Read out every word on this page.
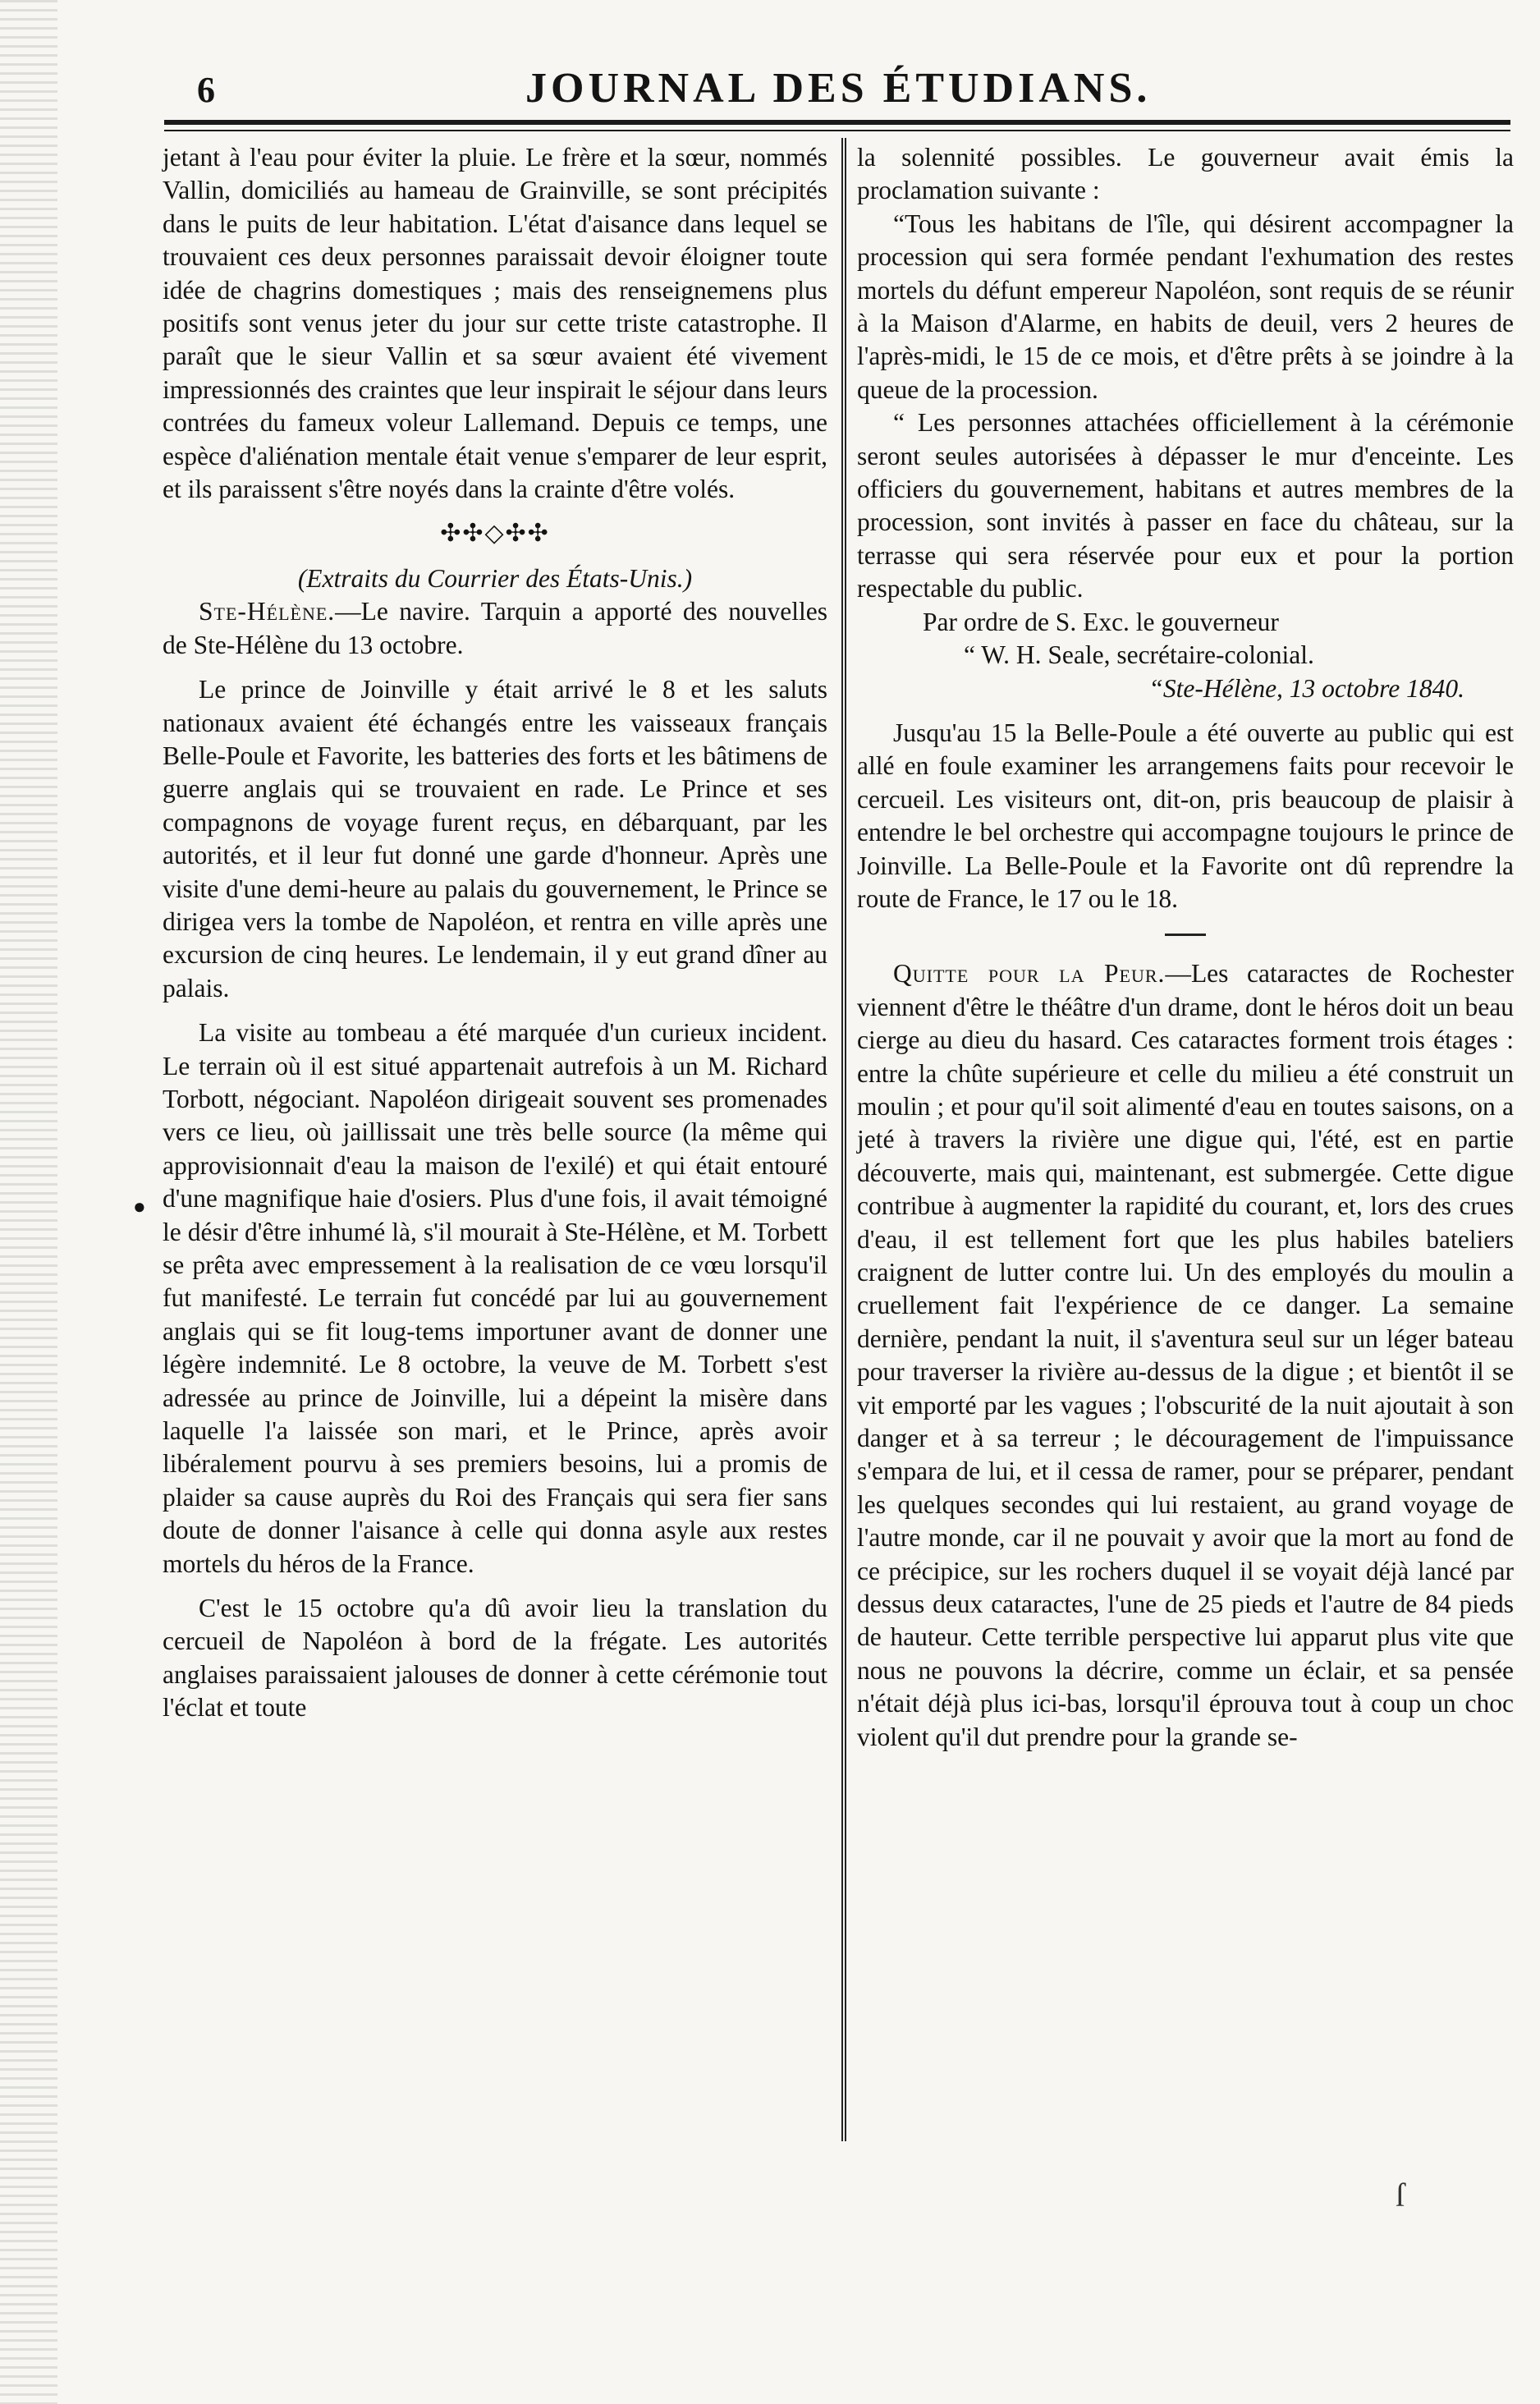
6	JOURNAL DES ÉTUDIANS.
●

jetant à l'eau pour éviter la pluie. Le frère et la sœur, nommés Vallin, domiciliés au hameau de Grainville, se sont précipités dans le puits de leur habitation. L'état d'aisance dans lequel se trouvaient ces deux personnes paraissait devoir éloigner toute idée de chagrins domestiques ; mais des renseignemens plus positifs sont venus jeter du jour sur cette triste catastrophe. Il paraît que le sieur Vallin et sa sœur avaient été vivement impressionnés des craintes que leur inspirait le séjour dans leurs contrées du fameux voleur Lallemand. Depuis ce temps, une espèce d'aliénation mentale était venue s'emparer de leur esprit, et ils paraissent s'être noyés dans la crainte d'être volés.

✣✣◇✣✣

(Extraits du Courrier des États-Unis.)

Ste-Hélène.—Le navire. Tarquin a apporté des nouvelles de Ste-Hélène du 13 octobre.

Le prince de Joinville y était arrivé le 8 et les saluts nationaux avaient été échangés entre les vaisseaux français Belle-Poule et Favorite, les batteries des forts et les bâtimens de guerre anglais qui se trouvaient en rade. Le Prince et ses compagnons de voyage furent reçus, en débarquant, par les autorités, et il leur fut donné une garde d'honneur. Après une visite d'une demi-heure au palais du gouvernement, le Prince se dirigea vers la tombe de Napoléon, et rentra en ville après une excursion de cinq heures. Le lendemain, il y eut grand dîner au palais.

La visite au tombeau a été marquée d'un curieux incident. Le terrain où il est situé appartenait autrefois à un M. Richard Torbott, négociant. Napoléon dirigeait souvent ses promenades vers ce lieu, où jaillissait une très belle source (la même qui approvisionnait d'eau la maison de l'exilé) et qui était entouré d'une magnifique haie d'osiers. Plus d'une fois, il avait témoigné le désir d'être inhumé là, s'il mourait à Ste-Hélène, et M. Torbett se prêta avec empressement à la realisation de ce vœu lorsqu'il fut manifesté. Le terrain fut concédé par lui au gouvernement anglais qui se fit loug-tems importuner avant de donner une légère indemnité. Le 8 octobre, la veuve de M. Torbett s'est adressée au prince de Joinville, lui a dépeint la misère dans laquelle l'a laissée son mari, et le Prince, après avoir libéralement pourvu à ses premiers besoins, lui a promis de plaider sa cause auprès du Roi des Français qui sera fier sans doute de donner l'aisance à celle qui donna asyle aux restes mortels du héros de la France.

C'est le 15 octobre qu'a dû avoir lieu la translation du cercueil de Napoléon à bord de la frégate. Les autorités anglaises paraissaient jalouses de donner à cette cérémonie tout l'éclat et toute

la solennité possibles. Le gouverneur avait émis la proclamation suivante :

“Tous les habitans de l'île, qui désirent accompagner la procession qui sera formée pendant l'exhumation des restes mortels du défunt empereur Napoléon, sont requis de se réunir à la Maison d'Alarme, en habits de deuil, vers 2 heures de l'après-midi, le 15 de ce mois, et d'être prêts à se joindre à la queue de la procession.

“ Les personnes attachées officiellement à la cérémonie seront seules autorisées à dépasser le mur d'enceinte. Les officiers du gouvernement, habitans et autres membres de la procession, sont invités à passer en face du château, sur la terrasse qui sera réservée pour eux et pour la portion respectable du public.

Par ordre de S. Exc. le gouverneur

“ W. H. Seale, secrétaire-colonial.

“Ste-Hélène, 13 octobre 1840.

Jusqu'au 15 la Belle-Poule a été ouverte au public qui est allé en foule examiner les arrangemens faits pour recevoir le cercueil. Les visiteurs ont, dit-on, pris beaucoup de plaisir à entendre le bel orchestre qui accompagne toujours le prince de Joinville. La Belle-Poule et la Favorite ont dû reprendre la route de France, le 17 ou le 18.

Quitte pour la Peur.—Les cataractes de Rochester viennent d'être le théâtre d'un drame, dont le héros doit un beau cierge au dieu du hasard. Ces cataractes forment trois étages : entre la chûte supérieure et celle du milieu a été construit un moulin ; et pour qu'il soit alimenté d'eau en toutes saisons, on a jeté à travers la rivière une digue qui, l'été, est en partie découverte, mais qui, maintenant, est submergée. Cette digue contribue à augmenter la rapidité du courant, et, lors des crues d'eau, il est tellement fort que les plus habiles bateliers craignent de lutter contre lui. Un des employés du moulin a cruellement fait l'expérience de ce danger. La semaine dernière, pendant la nuit, il s'aventura seul sur un léger bateau pour traverser la rivière au-dessus de la digue ; et bientôt il se vit emporté par les vagues ; l'obscurité de la nuit ajoutait à son danger et à sa terreur ; le découragement de l'impuissance s'empara de lui, et il cessa de ramer, pour se préparer, pendant les quelques secondes qui lui restaient, au grand voyage de l'autre monde, car il ne pouvait y avoir que la mort au fond de ce précipice, sur les rochers duquel il se voyait déjà lancé par dessus deux cataractes, l'une de 25 pieds et l'autre de 84 pieds de hauteur. Cette terrible perspective lui apparut plus vite que nous ne pouvons la décrire, comme un éclair, et sa pensée n'était déjà plus ici-bas, lorsqu'il éprouva tout à coup un choc violent qu'il dut prendre pour la grande se-

ſ
